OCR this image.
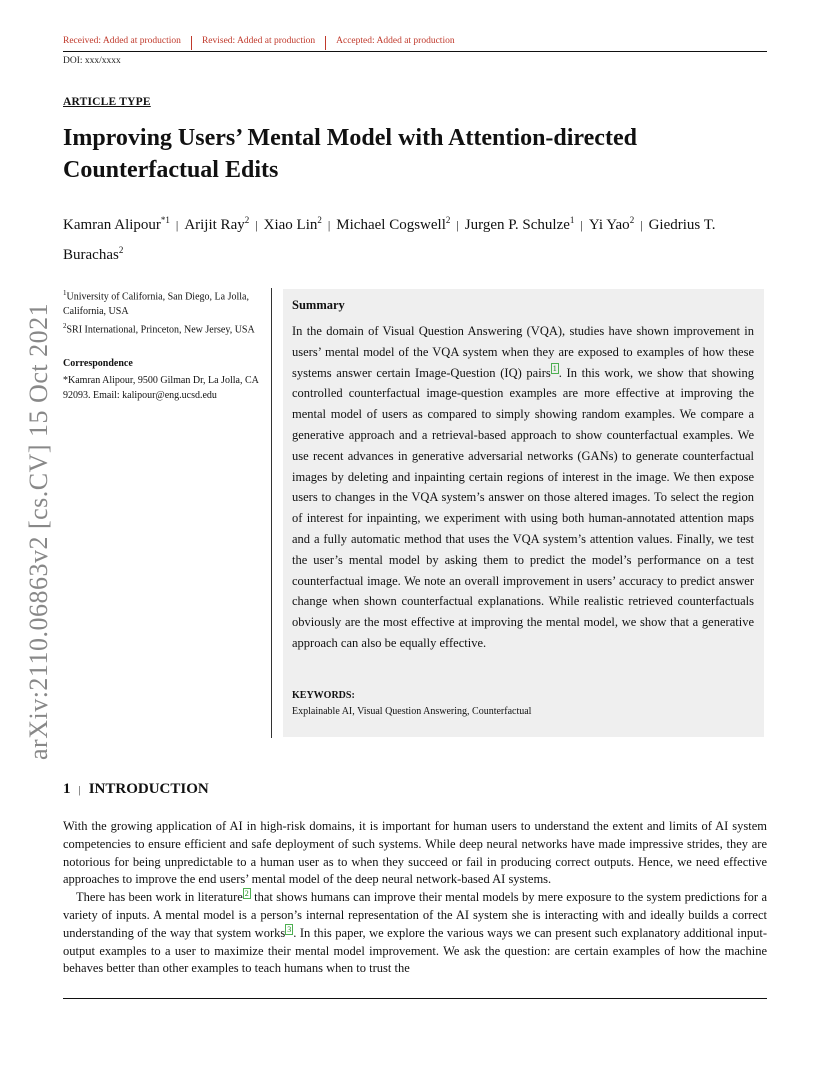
Received: Added at production	Revised: Added at production	Accepted: Added at production
DOI: xxx/xxxx
ARTICLE TYPE
Improving Users’ Mental Model with Attention-directed Counterfactual Edits
Kamran Alipour$^{*1}$ | Arijit Ray$^2$ | Xiao Lin$^2$ | Michael Cogswell$^2$ | Jurgen P. Schulze$^1$ | Yi Yao$^2$ | Giedrius T. Burachas$^2$
arXiv:2110.06863v2 [cs.CV] 15 Oct 2021
$^1$University of California, San Diego, La Jolla, California, USA
$^2$SRI International, Princeton, New Jersey, USA
Correspondence
*Kamran Alipour, 9500 Gilman Dr, La Jolla, CA 92093. Email: kalipour@eng.ucsd.edu
Summary
In the domain of Visual Question Answering (VQA), studies have shown improvement in users’ mental model of the VQA system when they are exposed to examples of how these systems answer certain Image-Question (IQ) pairs $^1$ . In this work, we show that showing controlled counterfactual image-question examples are more effective at improving the mental model of users as compared to simply showing random examples. We compare a generative approach and a retrieval-based approach to show counterfactual examples. We use recent advances in generative adversarial networks (GANs) to generate counterfactual images by deleting and inpainting certain regions of interest in the image. We then expose users to changes in the VQA system’s answer on those altered images. To select the region of interest for inpainting, we experiment with using both human-annotated attention maps and a fully automatic method that uses the VQA system’s attention values. Finally, we test the user’s mental model by asking them to predict the model’s performance on a test counterfactual image. We note an overall improvement in users’ accuracy to predict answer change when shown counterfactual explanations. While realistic retrieved counterfactuals obviously are the most effective at improving the mental model, we show that a generative approach can also be equally effective.
KEYWORDS:
Explainable AI, Visual Question Answering, Counterfactual
1 | INTRODUCTION

With the growing application of AI in high-risk domains, it is important for human users to understand the extent and limits of AI system competencies to ensure efficient and safe deployment of such systems. While deep neural networks have made impressive strides, they are notorious for being unpredictable to a human user as to when they succeed or fail in producing correct outputs. Hence, we need effective approaches to improve the end users’ mental model of the deep neural network-based AI systems.

There has been work in literature $^2$ that shows humans can improve their mental models by mere exposure to the system predictions for a variety of inputs. A mental model is a person’s internal representation of the AI system she is interacting with and ideally builds a correct understanding of the way that system works $^3$ . In this paper, we explore the various ways we can present such explanatory additional input-output examples to a user to maximize their mental model improvement. We ask the question: are certain examples of how the machine behaves better than other examples to teach humans when to trust the
